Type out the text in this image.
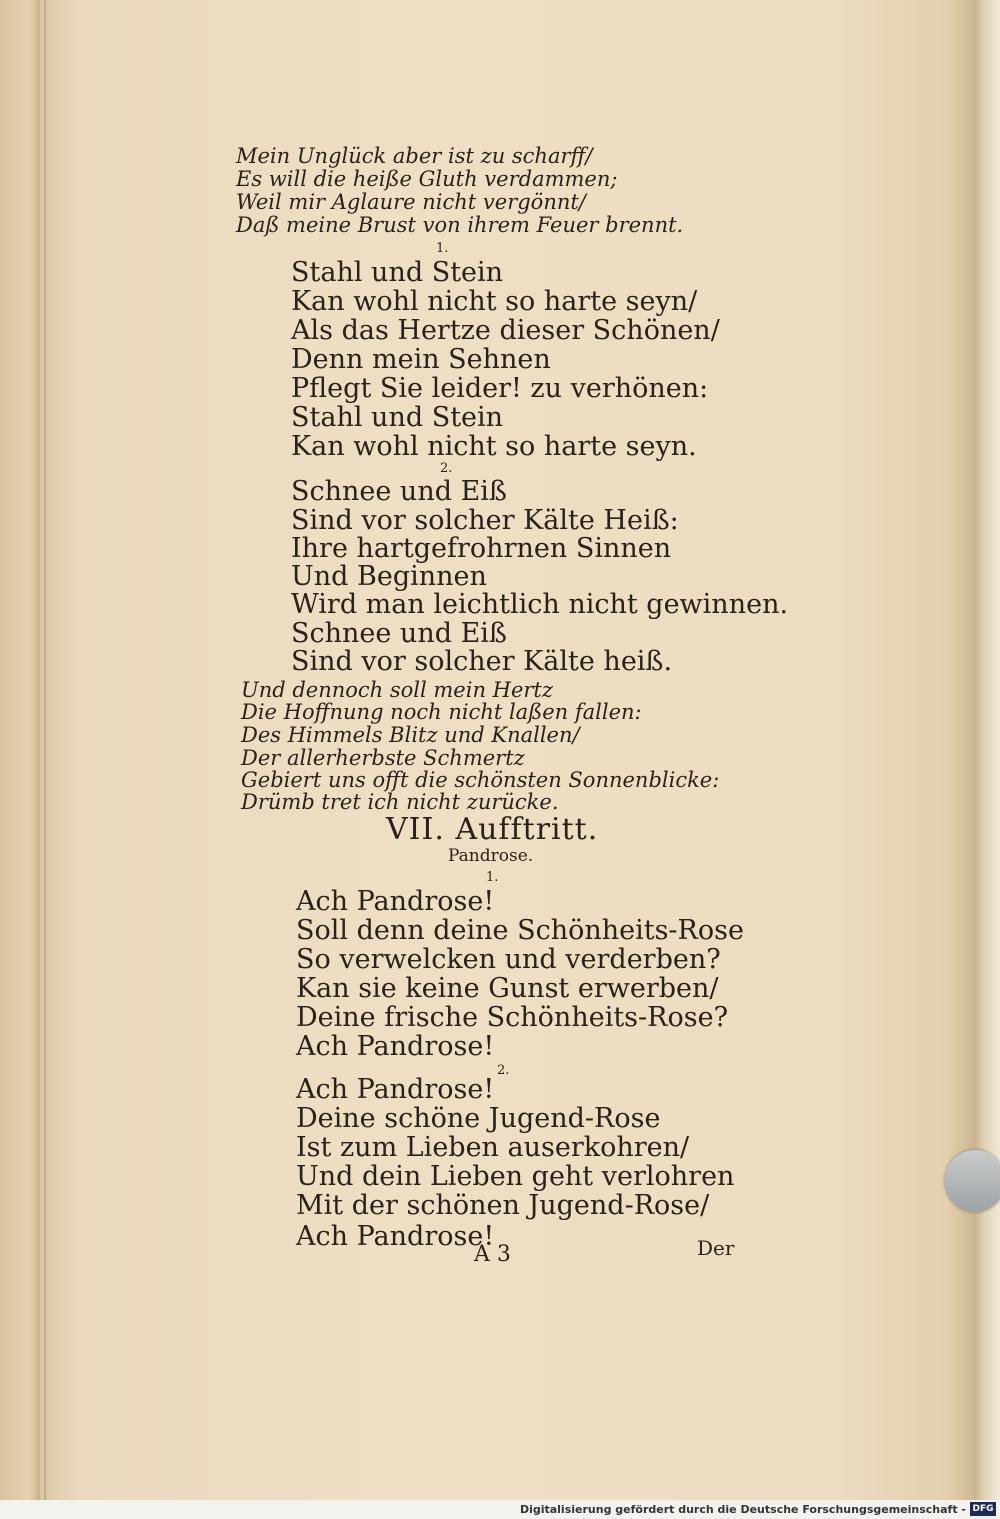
Mein Unglück aber ist zu scharff/
Es will die heiße Gluth verdammen;
Weil mir Aglaure nicht vergönnt/
Daß meine Brust von ihrem Feuer brennt.
1.
Stahl und Stein
Kan wohl nicht so harte seyn/
Als das Hertze dieser Schönen/
Denn mein Sehnen
Pflegt Sie leider! zu verhönen:
Stahl und Stein
Kan wohl nicht so harte seyn.
2.
Schnee und Eiß
Sind vor solcher Kälte Heiß:
Ihre hartgefrohrnen Sinnen
Und Beginnen
Wird man leichtlich nicht gewinnen.
Schnee und Eiß
Sind vor solcher Kälte heiß.
Und dennoch soll mein Hertz
Die Hoffnung noch nicht laßen fallen:
Des Himmels Blitz und Knallen/
Der allerherbste Schmertz
Gebiert uns offt die schönsten Sonnenblicke:
Drümb tret ich nicht zurücke.
VII. Aufftritt.
Pandrose.
1.
Ach Pandrose!
Soll denn deine Schönheits-Rose
So verwelcken und verderben?
Kan sie keine Gunst erwerben/
Deine frische Schönheits-Rose?
Ach Pandrose!
2.
Ach Pandrose!
Deine schöne Jugend-Rose
Ist zum Lieben auserkohren/
Und dein Lieben geht verlohren
Mit der schönen Jugend-Rose/
Ach Pandrose!
A 3	Der
Digitalisierung gefördert durch die Deutsche Forschungsgemeinschaft - DFG
